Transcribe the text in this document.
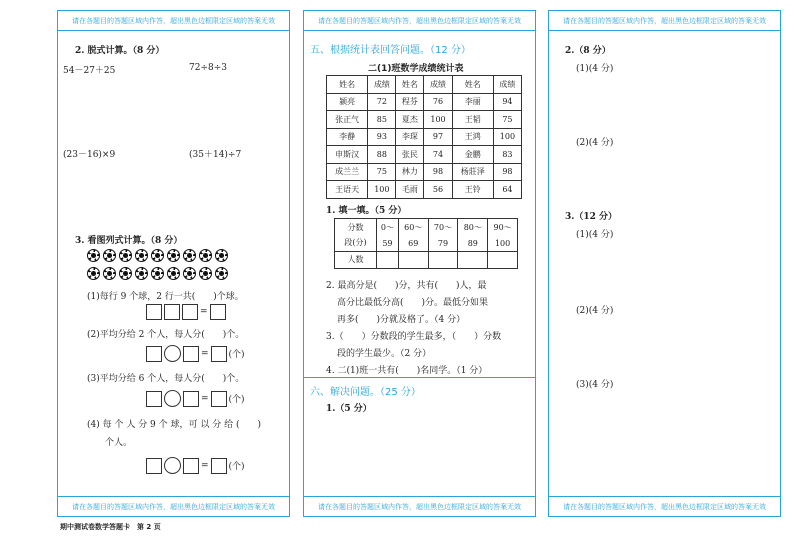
请在各题目的答题区域内作答，超出黑色边框限定区域的答案无效
2. 脱式计算。（8 分）
54－27＋25	72÷8÷3
(23－16)×9	(35＋14)÷7
3. 看图列式计算。（8 分）
(1)每行 9 个球，2 行一共(　　)个球。
=
(2)平均分给 2 个人，每人分(　　)个。
= (个)
(3)平均分给 6 个人，每人分(　　)个。
= (个)
(4) 每 个 人 分 9 个 球，可 以 分 给 (　　)
个人。
= (个)
请在各题目的答题区域内作答，超出黑色边框限定区域的答案无效
请在各题目的答题区域内作答，超出黑色边框限定区域的答案无效
五、根据统计表回答问题。（12 分）
二(1)班数学成绩统计表
姓名	成绩	姓名	成绩	姓名	成绩
颍亮	72	程芬	76	李丽	94
张正气	85	夏杰	100	王韬	75
李静	93	李琛	97	王鸿	100
申斯汉	88	张民	74	金鹏	83
成兰兰	75	林力	98	杨莊泽	98
王语天	100	毛雨	56	王铃	64
1. 填一填。（5 分）
分数
段(分)	0～	60～	70～	80～	90～
	59	69	79	89	100
人数					
2. 最高分是(　　)分，共有(　　)人，最
高分比最低分高(　　)分。最低分如果
再多(　　)分就及格了。（4 分）
3.（　　）分数段的学生最多，（　　）分数
段的学生最少。（2 分）
4. 二(1)班一共有(　　)名同学。（1 分）
六、解决问题。（25 分）
1.（5 分）
请在各题目的答题区域内作答，超出黑色边框限定区域的答案无效
请在各题目的答题区域内作答，超出黑色边框限定区域的答案无效
2.（8 分）
(1)(4 分)
(2)(4 分)
3.（12 分）
(1)(4 分)
(2)(4 分)
(3)(4 分)
请在各题目的答题区域内作答，超出黑色边框限定区域的答案无效
期中测试卷数学答题卡　第 2 页
